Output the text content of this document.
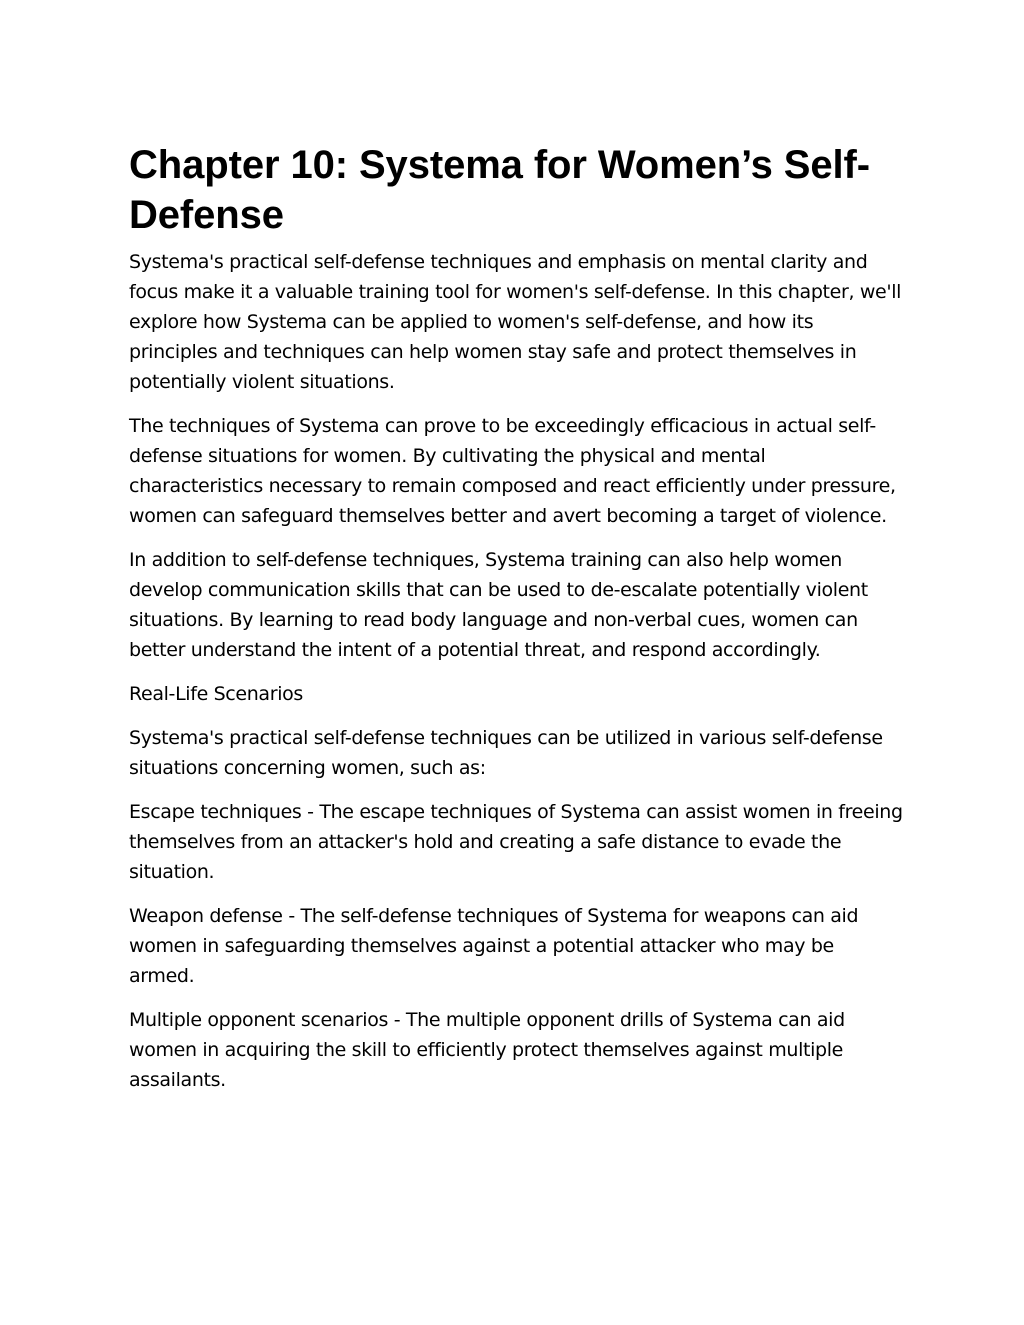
Chapter 10: Systema for Women’s Self-Defense

Systema's practical self-defense techniques and emphasis on mental clarity and focus make it a valuable training tool for women's self-defense. In this chapter, we'll explore how Systema can be applied to women's self-defense, and how its principles and techniques can help women stay safe and protect themselves in potentially violent situations.

The techniques of Systema can prove to be exceedingly efficacious in actual self-defense situations for women. By cultivating the physical and mental characteristics necessary to remain composed and react efficiently under pressure, women can safeguard themselves better and avert becoming a target of violence.

In addition to self-defense techniques, Systema training can also help women develop communication skills that can be used to de-escalate potentially violent situations. By learning to read body language and non-verbal cues, women can better understand the intent of a potential threat, and respond accordingly.

Real-Life Scenarios

Systema's practical self-defense techniques can be utilized in various self-defense situations concerning women, such as:

Escape techniques - The escape techniques of Systema can assist women in freeing themselves from an attacker's hold and creating a safe distance to evade the situation.

Weapon defense - The self-defense techniques of Systema for weapons can aid women in safeguarding themselves against a potential attacker who may be armed.

Multiple opponent scenarios - The multiple opponent drills of Systema can aid women in acquiring the skill to efficiently protect themselves against multiple assailants.
